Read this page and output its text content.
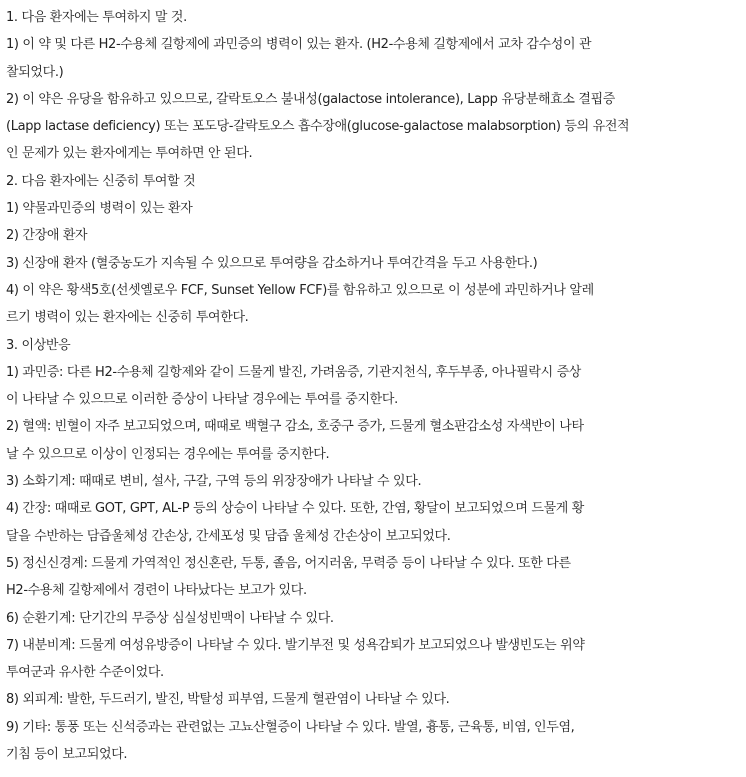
1. 다음 환자에는 투여하지 말 것.
1) 이 약 및 다른 H2-수용체 길항제에 과민증의 병력이 있는 환자. (H2-수용체 길항제에서 교차 감수성이 관
찰되었다.)
2) 이 약은 유당을 함유하고 있으므로, 갈락토오스 불내성(galactose intolerance), Lapp 유당분해효소 결핍증
(Lapp lactase deficiency) 또는 포도당-갈락토오스 흡수장애(glucose-galactose malabsorption) 등의 유전적
인 문제가 있는 환자에게는 투여하면 안 된다.
2. 다음 환자에는 신중히 투여할 것
1) 약물과민증의 병력이 있는 환자
2) 간장애 환자
3) 신장애 환자 (혈중농도가 지속될 수 있으므로 투여량을 감소하거나 투여간격을 두고 사용한다.)
4) 이 약은 황색5호(선셋옐로우 FCF, Sunset Yellow FCF)를 함유하고 있으므로 이 성분에 과민하거나 알레
르기 병력이 있는 환자에는 신중히 투여한다.
3. 이상반응
1) 과민증: 다른 H2-수용체 길항제와 같이 드물게 발진, 가려움증, 기관지천식, 후두부종, 아나필락시 증상
이 나타날 수 있으므로 이러한 증상이 나타날 경우에는 투여를 중지한다.
2) 혈액: 빈혈이 자주 보고되었으며, 때때로 백혈구 감소, 호중구 증가, 드물게 혈소판감소성 자색반이 나타
날 수 있으므로 이상이 인정되는 경우에는 투여를 중지한다.
3) 소화기계: 때때로 변비, 설사, 구갈, 구역 등의 위장장애가 나타날 수 있다.
4) 간장: 때때로 GOT, GPT, AL-P 등의 상승이 나타날 수 있다. 또한, 간염, 황달이 보고되었으며 드물게 황
달을 수반하는 담즙울체성 간손상, 간세포성 및 담즙 울체성 간손상이 보고되었다.
5) 정신신경계: 드물게 가역적인 정신혼란, 두통, 졸음, 어지러움, 무력증 등이 나타날 수 있다. 또한 다른
H2-수용체 길항제에서 경련이 나타났다는 보고가 있다.
6) 순환기계: 단기간의 무증상 심실성빈맥이 나타날 수 있다.
7) 내분비계: 드물게 여성유방증이 나타날 수 있다. 발기부전 및 성욕감퇴가 보고되었으나 발생빈도는 위약
투여군과 유사한 수준이었다.
8) 외피계: 발한, 두드러기, 발진, 박탈성 피부염, 드물게 혈관염이 나타날 수 있다.
9) 기타: 통풍 또는 신석증과는 관련없는 고뇨산혈증이 나타날 수 있다. 발열, 흉통, 근육통, 비염, 인두염,
기침 등이 보고되었다.
